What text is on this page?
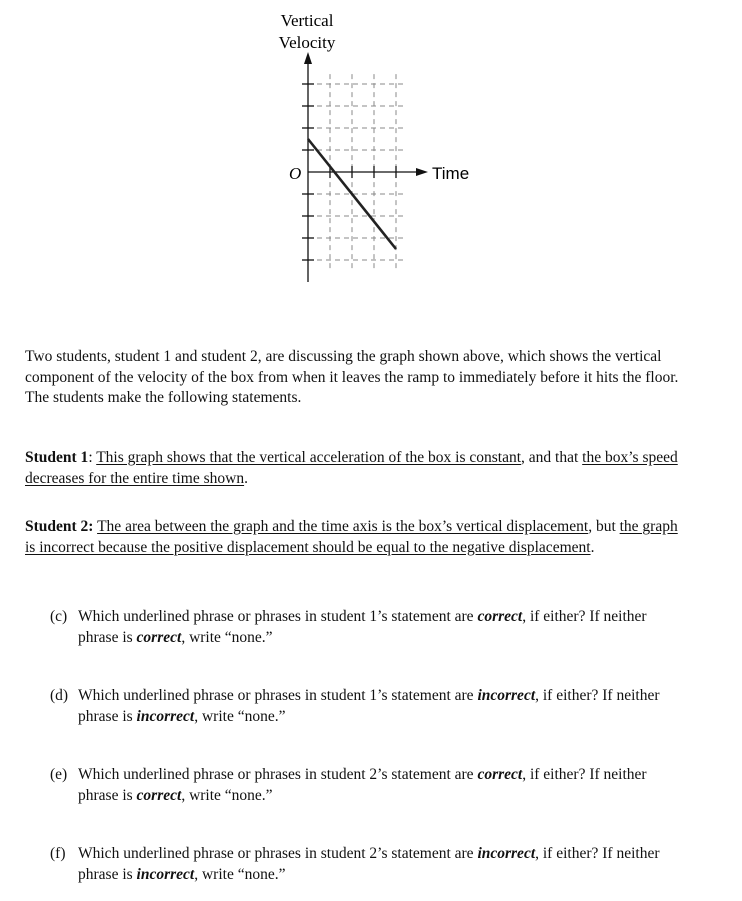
Vertical
Velocity
Time
O
Two students, student 1 and student 2, are discussing the graph shown above, which shows the vertical
component of the velocity of the box from when it leaves the ramp to immediately before it hits the floor.
The students make the following statements.
Student 1: This graph shows that the vertical acceleration of the box is constant, and that the box’s speed
decreases for the entire time shown.
Student 2: The area between the graph and the time axis is the box’s vertical displacement, but the graph
is incorrect because the positive displacement should be equal to the negative displacement.
(c) Which underlined phrase or phrases in student 1’s statement are correct, if either? If neither
phrase is correct, write “none.”
(d) Which underlined phrase or phrases in student 1’s statement are incorrect, if either? If neither
phrase is incorrect, write “none.”
(e) Which underlined phrase or phrases in student 2’s statement are correct, if either? If neither
phrase is correct, write “none.”
(f) Which underlined phrase or phrases in student 2’s statement are incorrect, if either? If neither
phrase is incorrect, write “none.”
